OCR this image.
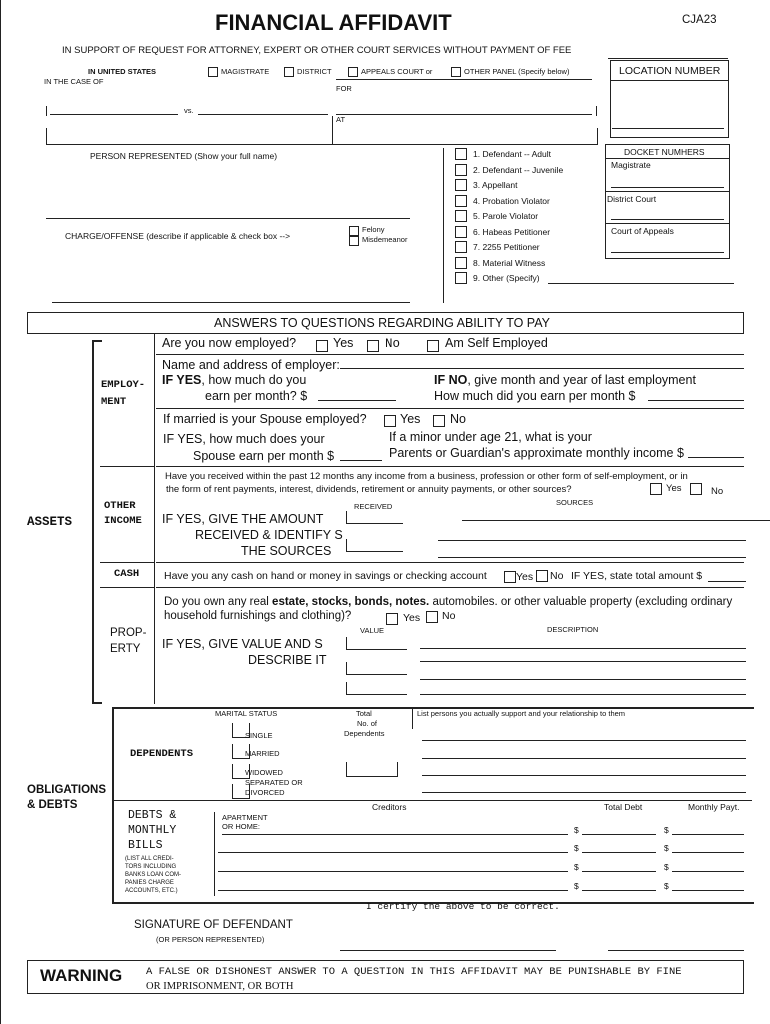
FINANCIAL AFFIDAVIT	CJA23
IN SUPPORT OF REQUEST FOR ATTORNEY, EXPERT OR OTHER COURT SERVICES WITHOUT PAYMENT OF FEE
IN UNITED STATES
IN THE CASE OF
MAGISTRATE	DISTRICT	APPEALS COURT or	OTHER PANEL (Specify below)
FOR
LOCATION NUMBER
vs.
AT
PERSON REPRESENTED (Show your full name)
CHARGE/OFFENSE (describe if applicable & check box -->
Felony
Misdemeanor
1. Defendant -- Adult
2. Defendant -- Juvenile
3. Appellant
4. Probation Violator
5. Parole Violator
6. Habeas Petitioner
7. 2255 Petitioner
8. Material Witness
9. Other (Specify)
DOCKET NUMHERS
Magistrate
District Court
Court of Appeals
ANSWERS TO QUESTIONS REGARDING ABILITY TO PAY
ASSETS
EMPLOY-
MENT
Are you now employed?	Yes	No	Am Self Employed
Name and address of employer:
IF YES, how much do you
earn per month? $
IF NO, give month and year of last employment
How much did you earn per month $
If married is your Spouse employed?	Yes No
IF YES, how much does your
Spouse earn per month $
If a minor under age 21, what is your
Parents or Guardian's approximate monthly income $
OTHER
INCOME
Have you received within the past 12 months any income from a business, profession or other form of self-employment, or in
the form of rent payments, interest, dividends, retirement or annuity payments, or other sources?	Yes	No
RECEIVED	SOURCES
IF YES, GIVE THE AMOUNT
RECEIVED & IDENTIFY S
THE SOURCES
CASH Have you any cash on hand or money in savings or checking account	Yes No IF YES, state total amount $
PROP-
ERTY
Do you own any real estate, stocks, bonds, notes. automobiles. or other valuable property (excluding ordinary
household furnishings and clothing)?	Yes No
VALUE	DESCRIPTION
IF YES, GIVE VALUE AND S
DESCRIBE IT
OBLIGATIONS
& DEBTS
MARITAL STATUS	Total
No. of
Dependents
List persons you actually support and your relationship to them
DEPENDENTS
SINGLE
MARRIED
WIDOWED
SEPARATED OR
DIVORCED
Creditors	Total Debt	Monthly Payt.
DEBTS &
MONTHLY
BILLS
(LIST ALL CREDI-
TORS INCLUDING
BANKS LOAN COM-
PANIES CHARGE
ACCOUNTS, ETC.)
APARTMENT
OR HOME:	$	$
$	$
$	$
$	$
I certify the above to be correct.
SIGNATURE OF DEFENDANT
(OR PERSON REPRESENTED)
WARNING A FALSE OR DISHONEST ANSWER TO A QUESTION IN THIS AFFIDAVIT MAY BE PUNISHABLE BY FINE
OR IMPRISONMENT, OR BOTH
